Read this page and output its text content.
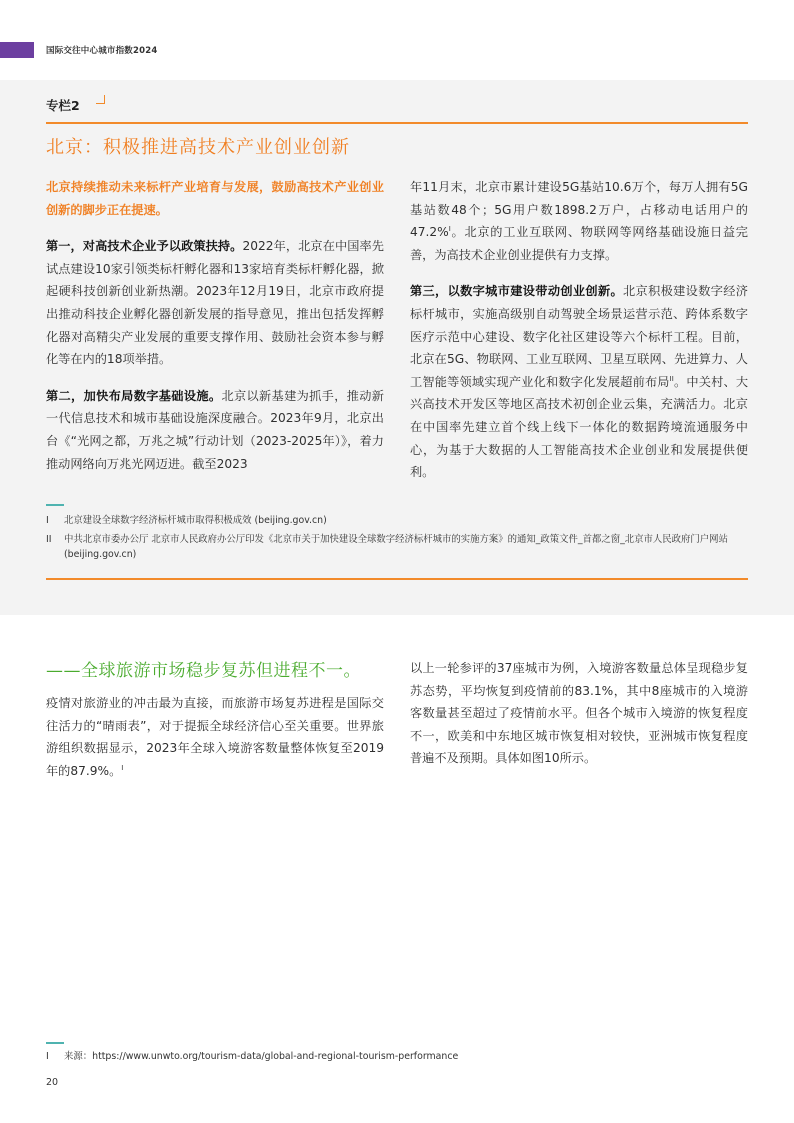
国际交往中心城市指数2024
专栏2
北京：积极推进高技术产业创业创新

北京持续推动未来标杆产业培育与发展，鼓励高技术产业创业创新的脚步正在提速。

第一，对高技术企业予以政策扶持。2022年，北京在中国率先试点建设10家引领类标杆孵化器和13家培育类标杆孵化器，掀起硬科技创新创业新热潮。2023年12月19日，北京市政府提出推动科技企业孵化器创新发展的指导意见，推出包括发挥孵化器对高精尖产业发展的重要支撑作用、鼓励社会资本参与孵化等在内的18项举措。

第二，加快布局数字基础设施。北京以新基建为抓手，推动新一代信息技术和城市基础设施深度融合。2023年9月，北京出台《“光网之都，万兆之城”行动计划（2023-2025年）》，着力推动网络向万兆光网迈进。截至2023

年11月末，北京市累计建设5G基站10.6万个，每万人拥有5G基站数48个；5G用户数1898.2万户，占移动电话用户的47.2%$^I$。北京的工业互联网、物联网等网络基础设施日益完善，为高技术企业创业提供有力支撑。

第三，以数字城市建设带动创业创新。北京积极建设数字经济标杆城市，实施高级别自动驾驶全场景运营示范、跨体系数字医疗示范中心建设、数字化社区建设等六个标杆工程。目前，北京在5G、物联网、工业互联网、卫星互联网、先进算力、人工智能等领域实现产业化和数字化发展超前布局$^{II}$。中关村、大兴高技术开发区等地区高技术初创企业云集，充满活力。北京在中国率先建立首个线上线下一体化的数据跨境流通服务中心，为基于大数据的人工智能高技术企业创业和发展提供便利。

I	北京建设全球数字经济标杆城市取得积极成效 (beijing.gov.cn)
II	中共北京市委办公厅 北京市人民政府办公厅印发《北京市关于加快建设全球数字经济标杆城市的实施方案》的通知_政策文件_首都之窗_北京市人民政府门户网站 (beijing.gov.cn)
——全球旅游市场稳步复苏但进程不一。
疫情对旅游业的冲击最为直接，而旅游市场复苏进程是国际交往活力的“晴雨表”，对于提振全球经济信心至关重要。世界旅游组织数据显示，2023年全球入境游客数量整体恢复至2019年的87.9%。$^I$
以上一轮参评的37座城市为例，入境游客数量总体呈现稳步复苏态势，平均恢复到疫情前的83.1%，其中8座城市的入境游客数量甚至超过了疫情前水平。但各个城市入境游的恢复程度不一，欧美和中东地区城市恢复相对较快，亚洲城市恢复程度普遍不及预期。具体如图10所示。
I	来源：https://www.unwto.org/tourism-data/global-and-regional-tourism-performance
20
